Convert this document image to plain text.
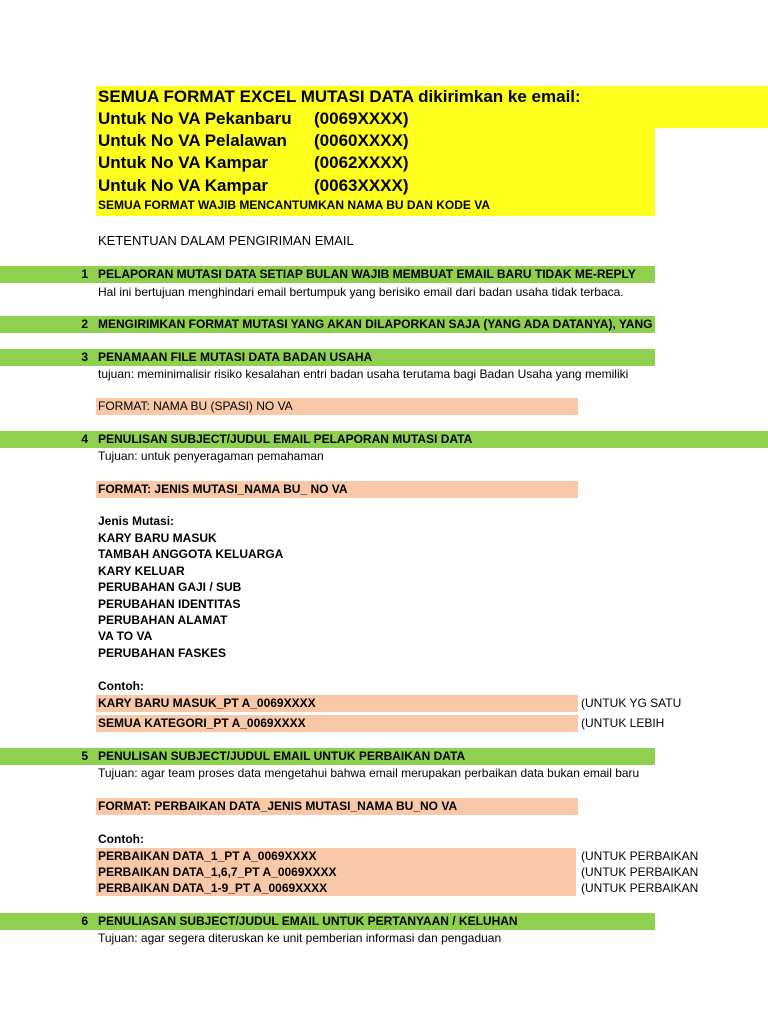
SEMUA FORMAT EXCEL MUTASI DATA dikirimkan ke email:
Untuk No VA Pekanbaru (0069XXXX)
Untuk No VA Pelalawan (0060XXXX)
Untuk No VA Kampar	(0062XXXX)
Untuk No VA Kampar	(0063XXXX)
SEMUA FORMAT WAJIB MENCANTUMKAN NAMA BU DAN KODE VA
KETENTUAN DALAM PENGIRIMAN EMAIL
1 PELAPORAN MUTASI DATA SETIAP BULAN WAJIB MEMBUAT EMAIL BARU TIDAK ME-REPLY
Hal ini bertujuan menghindari email bertumpuk yang berisiko email dari badan usaha tidak terbaca.
2 MENGIRIMKAN FORMAT MUTASI YANG AKAN DILAPORKAN SAJA (YANG ADA DATANYA), YANG
3 PENAMAAN FILE MUTASI DATA BADAN USAHA
tujuan: meminimalisir risiko kesalahan entri badan usaha terutama bagi Badan Usaha yang memiliki
FORMAT: NAMA BU (SPASI) NO VA
4 PENULISAN SUBJECT/JUDUL EMAIL PELAPORAN MUTASI DATA
Tujuan: untuk penyeragaman pemahaman
FORMAT: JENIS MUTASI_NAMA BU_ NO VA
Jenis Mutasi:
KARY BARU MASUK
TAMBAH ANGGOTA KELUARGA
KARY KELUAR
PERUBAHAN GAJI / SUB
PERUBAHAN IDENTITAS
PERUBAHAN ALAMAT
VA TO VA
PERUBAHAN FASKES
Contoh:
KARY BARU MASUK_PT A_0069XXXX	(UNTUK YG SATU
SEMUA KATEGORI_PT A_0069XXXX	(UNTUK LEBIH
5 PENULISAN SUBJECT/JUDUL EMAIL UNTUK PERBAIKAN DATA
Tujuan: agar team proses data mengetahui bahwa email merupakan perbaikan data bukan email baru
FORMAT: PERBAIKAN DATA_JENIS MUTASI_NAMA BU_NO VA
Contoh:
PERBAIKAN DATA_1_PT A_0069XXXX	(UNTUK PERBAIKAN
PERBAIKAN DATA_1,6,7_PT A_0069XXXX	(UNTUK PERBAIKAN
PERBAIKAN DATA_1-9_PT A_0069XXXX	(UNTUK PERBAIKAN
6 PENULIASAN SUBJECT/JUDUL EMAIL UNTUK PERTANYAAN / KELUHAN
Tujuan: agar segera diteruskan ke unit pemberian informasi dan pengaduan
